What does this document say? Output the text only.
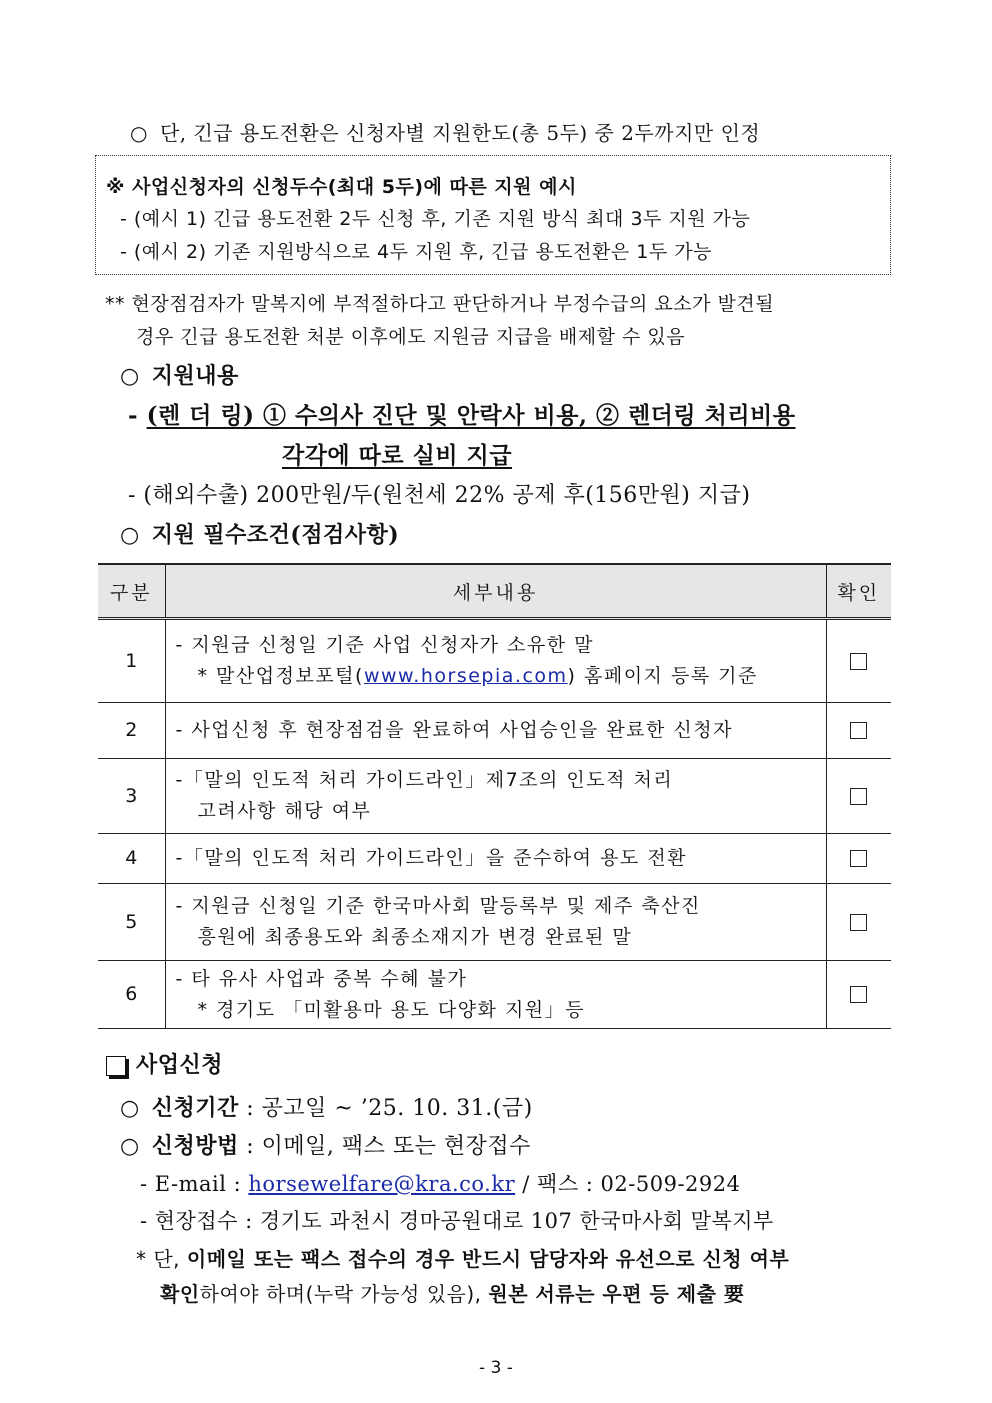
○ 단, 긴급 용도전환은 신청자별 지원한도(총 5두) 중 2두까지만 인정
※ 사업신청자의 신청두수(최대 5두)에 따른 지원 예시
- (예시 1) 긴급 용도전환 2두 신청 후, 기존 지원 방식 최대 3두 지원 가능
- (예시 2) 기존 지원방식으로 4두 지원 후, 긴급 용도전환은 1두 가능
** 현장점검자가 말복지에 부적절하다고 판단하거나 부정수급의 요소가 발견될
경우 긴급 용도전환 처분 이후에도 지원금 지급을 배제할 수 있음
○ 지원내용
- (렌 더 링) ① 수의사 진단 및 안락사 비용, ② 렌더링 처리비용
각각에 따로 실비 지급
- (해외수출) 200만원/두(원천세 22% 공제 후(156만원) 지급)
○ 지원 필수조건(점검사항)
구분	세부내용	확인
1	- 지원금 신청일 기준 사업 신청자가 소유한 말
* 말산업정보포털(www.horsepia.com) 홈페이지 등록 기준	

2	- 사업신청 후 현장점검을 완료하여 사업승인을 완료한 신청자	

3	-「말의 인도적 처리 가이드라인」제7조의 인도적 처리
고려사항 해당 여부	

4	-「말의 인도적 처리 가이드라인」을 준수하여 용도 전환	

5	- 지원금 신청일 기준 한국마사회 말등록부 및 제주 축산진
흥원에 최종용도와 최종소재지가 변경 완료된 말	

6	- 타 유사 사업과 중복 수혜 불가
* 경기도 「미활용마 용도 다양화 지원」등	

사업신청
○ 신청기간 : 공고일 ~ ’25. 10. 31.(금)
○ 신청방법 : 이메일, 팩스 또는 현장접수
- E-mail : horsewelfare@kra.co.kr / 팩스 : 02-509-2924
- 현장접수 : 경기도 과천시 경마공원대로 107 한국마사회 말복지부
* 단, 이메일 또는 팩스 접수의 경우 반드시 담당자와 유선으로 신청 여부
확인하여야 하며(누락 가능성 있음), 원본 서류는 우편 등 제출 要
- 3 -
